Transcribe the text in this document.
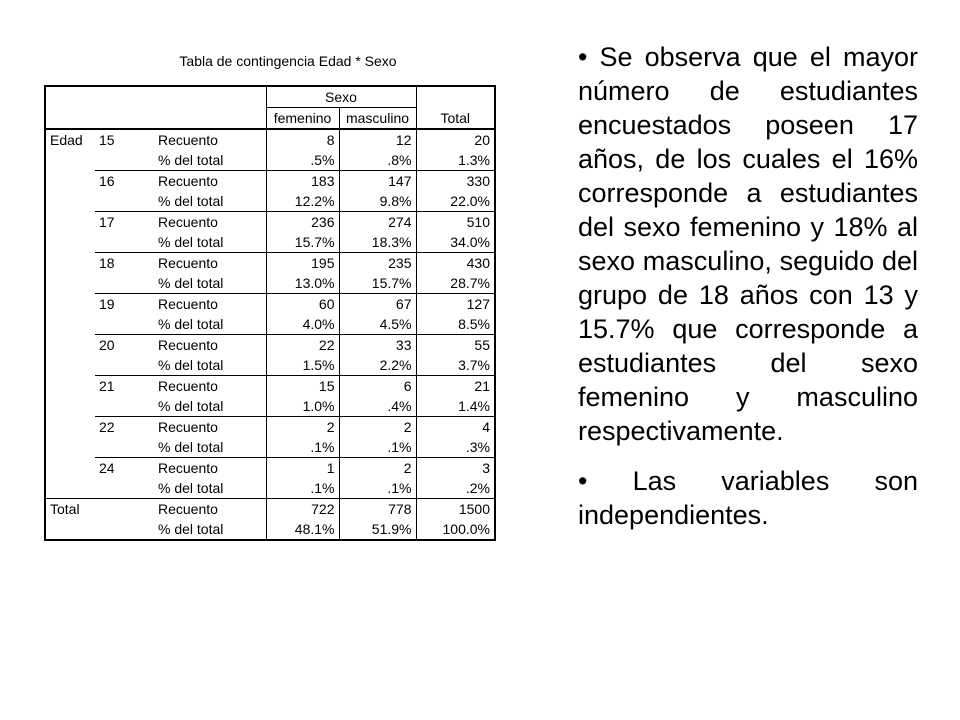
Tabla de contingencia Edad * Sexo
			Sexo		
			femenino	masculino	Total
Edad	15	Recuento	8	12	20
		% del total	.5%	.8%	1.3%
	16	Recuento	183	147	330
		% del total	12.2%	9.8%	22.0%
	17	Recuento	236	274	510
		% del total	15.7%	18.3%	34.0%
	18	Recuento	195	235	430
		% del total	13.0%	15.7%	28.7%
	19	Recuento	60	67	127
		% del total	4.0%	4.5%	8.5%
	20	Recuento	22	33	55
		% del total	1.5%	2.2%	3.7%
	21	Recuento	15	6	21
		% del total	1.0%	.4%	1.4%
	22	Recuento	2	2	4
		% del total	.1%	.1%	.3%
	24	Recuento	1	2	3
		% del total	.1%	.1%	.2%
Total		Recuento	722	778	1500
		% del total	48.1%	51.9%	100.0%
• Se observa que el mayor número de estudiantes encuestados poseen 17 años, de los cuales el 16% corresponde a estudiantes del sexo femenino y 18% al sexo masculino, seguido del grupo de 18 años con 13 y 15.7% que corresponde a estudiantes del sexo femenino y masculino respectivamente.
• Las variables son independientes.
